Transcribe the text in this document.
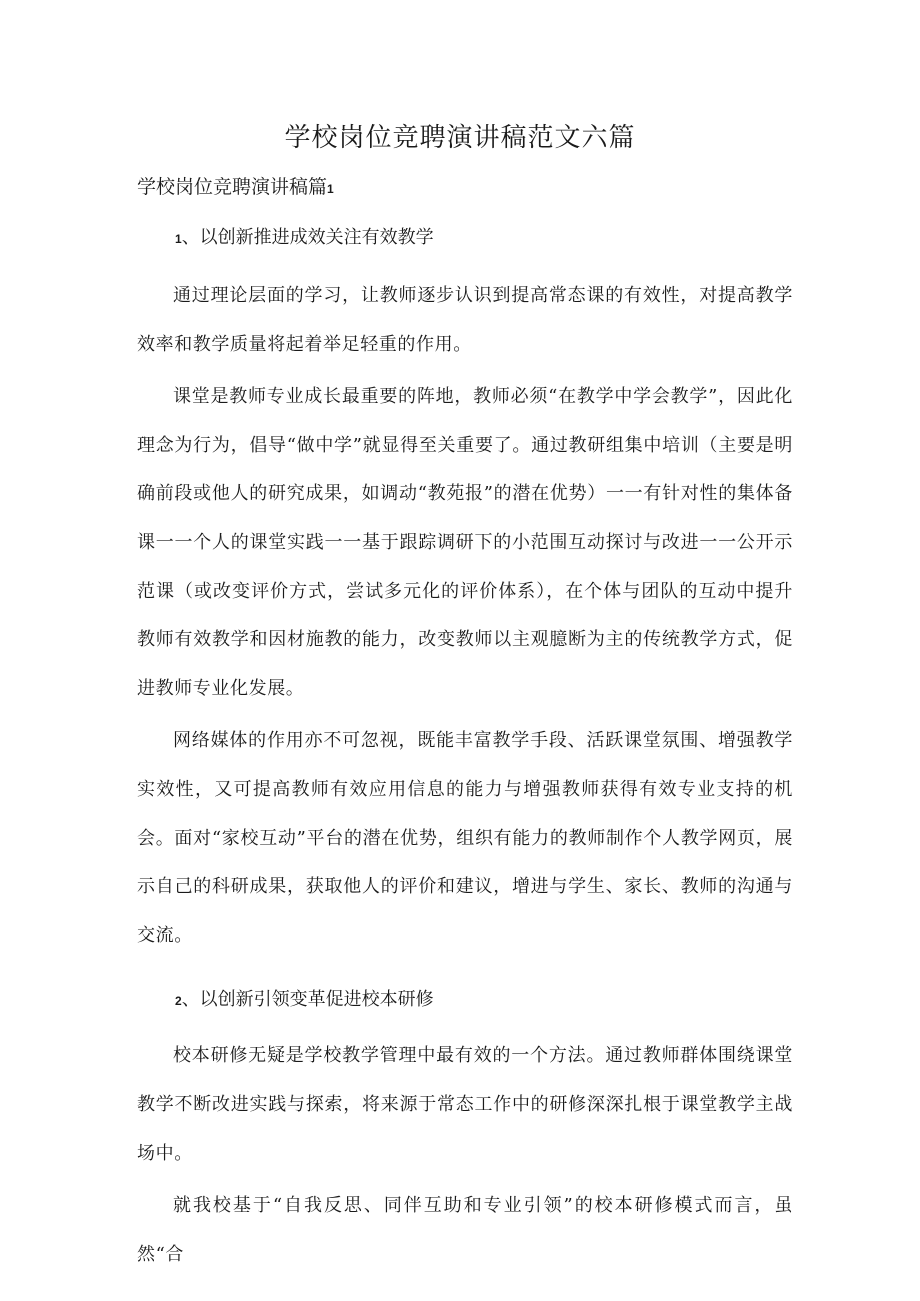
学校岗位竞聘演讲稿范文六篇
学校岗位竞聘演讲稿篇1
1、以创新推进成效关注有效教学

通过理论层面的学习，让教师逐步认识到提高常态课的有效性，对提高教学效率和教学质量将起着举足轻重的作用。

课堂是教师专业成长最重要的阵地，教师必须“在教学中学会教学”，因此化理念为行为，倡导“做中学”就显得至关重要了。通过教研组集中培训（主要是明确前段或他人的研究成果，如调动“教苑报”的潜在优势）一一有针对性的集体备课一一个人的课堂实践一一基于跟踪调研下的小范围互动探讨与改进一一公开示范课（或改变评价方式，尝试多元化的评价体系），在个体与团队的互动中提升教师有效教学和因材施教的能力，改变教师以主观臆断为主的传统教学方式，促进教师专业化发展。

网络媒体的作用亦不可忽视，既能丰富教学手段、活跃课堂氛围、增强教学实效性，又可提高教师有效应用信息的能力与增强教师获得有效专业支持的机会。面对“家校互动”平台的潜在优势，组织有能力的教师制作个人教学网页，展示自己的科研成果，获取他人的评价和建议，增进与学生、家长、教师的沟通与交流。

2、以创新引领变革促进校本研修

校本研修无疑是学校教学管理中最有效的一个方法。通过教师群体围绕课堂教学不断改进实践与探索，将来源于常态工作中的研修深深扎根于课堂教学主战场中。

就我校基于“自我反思、同伴互助和专业引领”的校本研修模式而言，虽然“合
